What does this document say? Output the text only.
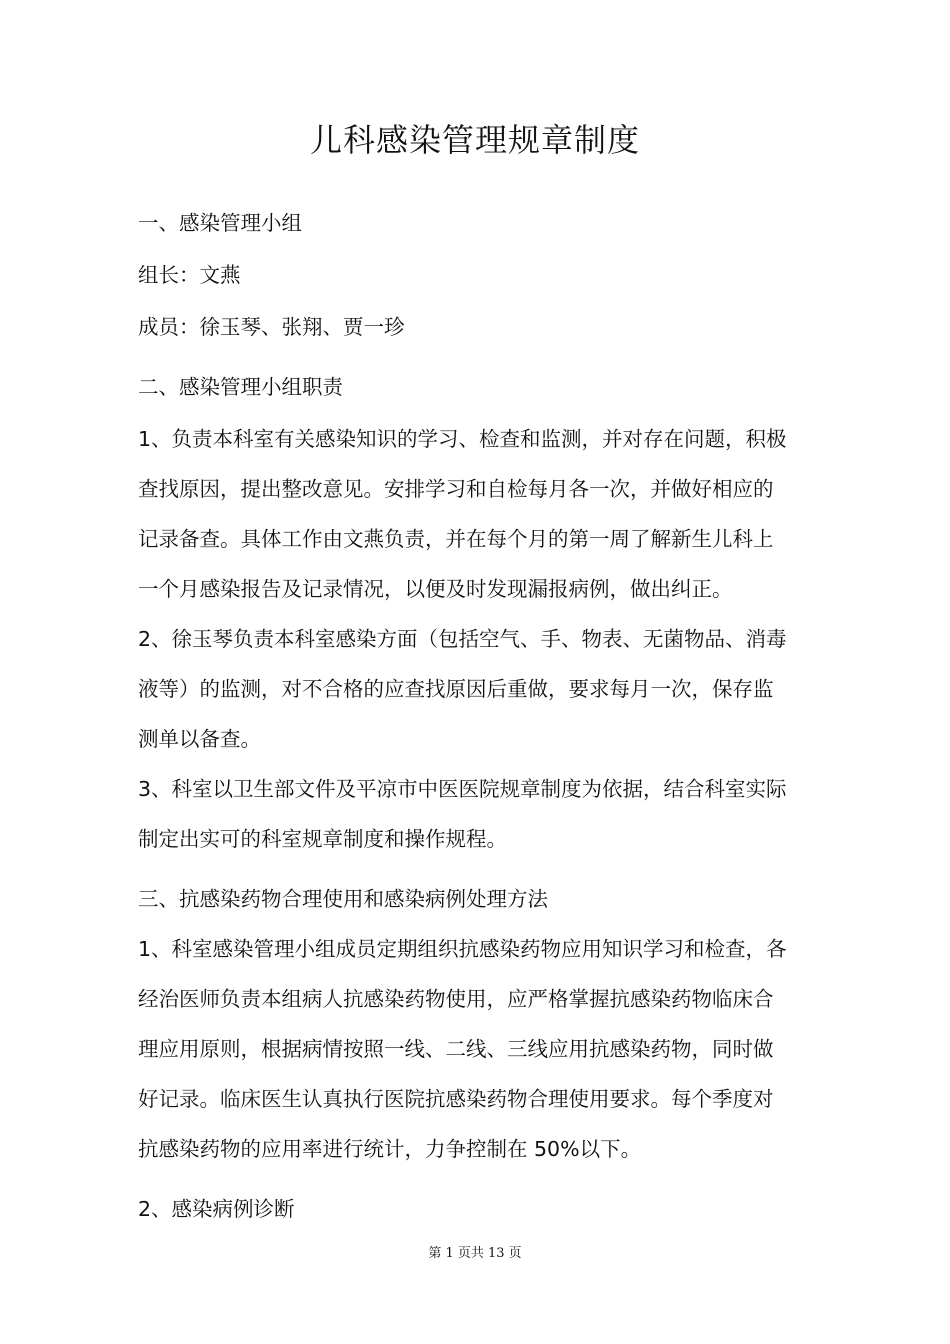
儿科感染管理规章制度

一、感染管理小组

组长：文燕

成员：徐玉琴、张翔、贾一珍

二、感染管理小组职责

1、负责本科室有关感染知识的学习、检查和监测，并对存在问题，积极

查找原因，提出整改意见。安排学习和自检每月各一次，并做好相应的

记录备查。具体工作由文燕负责，并在每个月的第一周了解新生儿科上

一个月感染报告及记录情况，以便及时发现漏报病例，做出纠正。

2、徐玉琴负责本科室感染方面（包括空气、手、物表、无菌物品、消毒

液等）的监测，对不合格的应查找原因后重做，要求每月一次，保存监

测单以备查。

3、科室以卫生部文件及平凉市中医医院规章制度为依据，结合科室实际

制定出实可的科室规章制度和操作规程。

三、抗感染药物合理使用和感染病例处理方法

1、科室感染管理小组成员定期组织抗感染药物应用知识学习和检查，各

经治医师负责本组病人抗感染药物使用，应严格掌握抗感染药物临床合

理应用原则，根据病情按照一线、二线、三线应用抗感染药物，同时做

好记录。临床医生认真执行医院抗感染药物合理使用要求。每个季度对

抗感染药物的应用率进行统计，力争控制在 50%以下。

2、感染病例诊断

第 1 页共 13 页
